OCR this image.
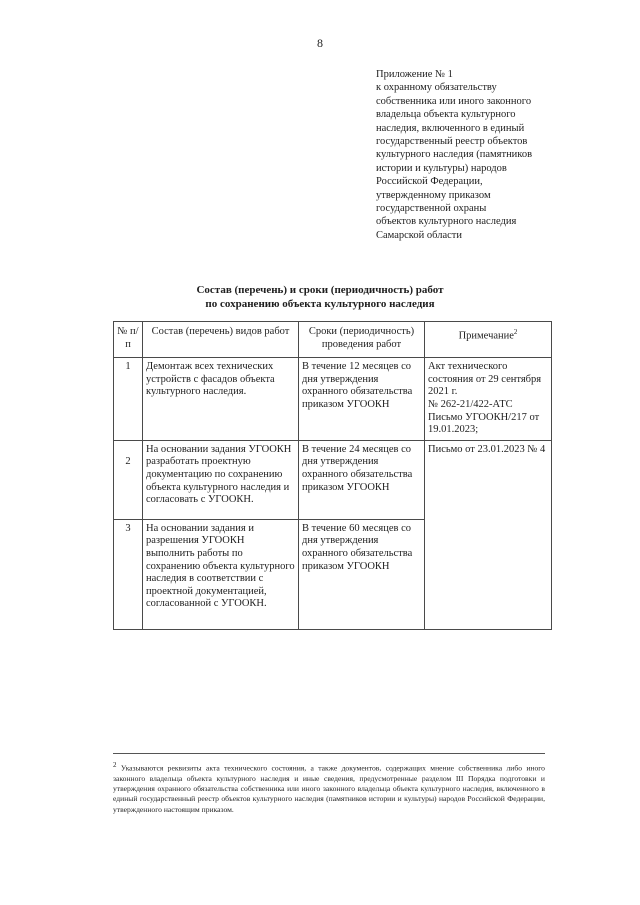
8
Приложение № 1
к охранному обязательству
собственника или иного законного
владельца объекта культурного
наследия, включенного в единый
государственный реестр объектов
культурного наследия (памятников
истории и культуры) народов
Российской Федерации,
утвержденному приказом
государственной охраны
объектов культурного наследия
Самарской области
Состав (перечень) и сроки (периодичность) работ
по сохранению объекта культурного наследия
№ п/п	Состав (перечень) видов работ	Сроки (периодичность) проведения работ	Примечание$^2$
1	Демонтаж всех технических устройств с фасадов объекта культурного наследия.	В течение 12 месяцев со дня утверждения охранного обязательства приказом УГООКН	Акт технического состояния от 29 сентября 2021 г.
№ 262-21/422-АТС
Письмо УГООКН/217 от 19.01.2023;

2	На основании задания УГООКН разработать проектную документацию по сохранению объекта культурного наследия и согласовать с УГООКН.	В течение 24 месяцев со дня утверждения охранного обязательства приказом УГООКН	Письмо от 23.01.2023 № 4

3	На основании задания и разрешения УГООКН выполнить работы по сохранению объекта культурного наследия в соответствии с проектной документацией, согласованной с УГООКН.	В течение 60 месяцев со дня утверждения охранного обязательства приказом УГООКН	
$^2$ Указываются реквизиты акта технического состояния, а также документов, содержащих мнение собственника либо иного законного владельца объекта культурного наследия и иные сведения, предусмотренные разделом III Порядка подготовки и утверждения охранного обязательства собственника или иного законного владельца объекта культурного наследия, включенного в единый государственный реестр объектов культурного наследия (памятников истории и культуры) народов Российской Федерации, утвержденного настоящим приказом.
